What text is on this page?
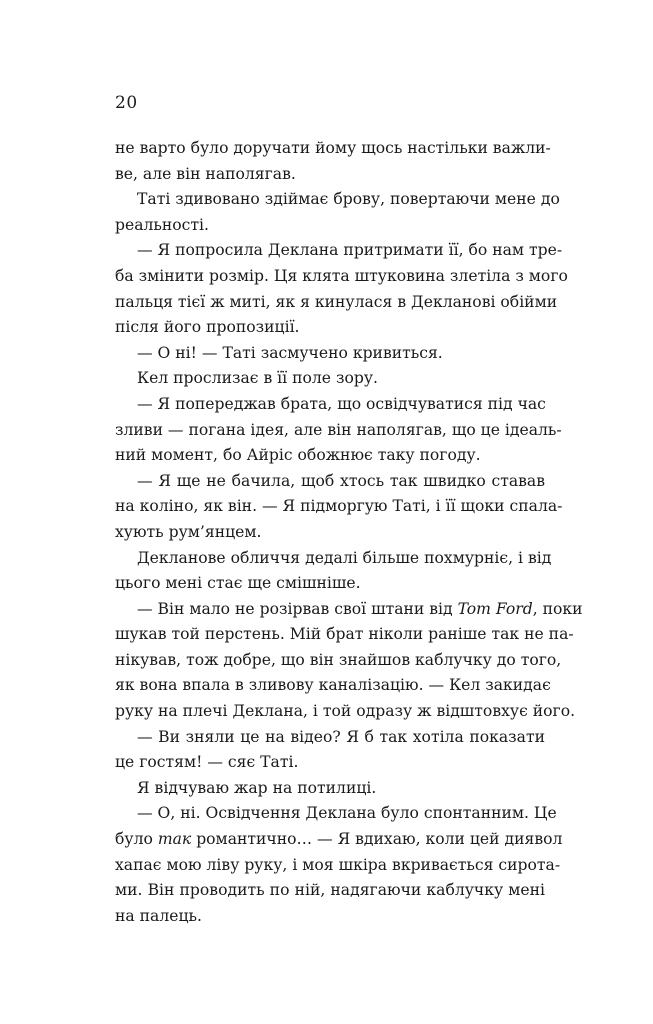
20
не варто було доручати йому щось настільки важли-
ве, але він наполягав.
Таті здивовано здіймає брову, повертаючи мене до
реальності.
— Я попросила Деклана притримати її, бо нам тре-
ба змінити розмір. Ця клята штуковина злетіла з мого
пальця тієї ж миті, як я кинулася в Декланові обійми
після його пропозиції.
— О ні! — Таті засмучено кривиться.
Кел прослизає в її поле зору.
— Я попереджав брата, що освідчуватися під час
зливи — погана ідея, але він наполягав, що це ідеаль-
ний момент, бо Айріс обожнює таку погоду.
— Я ще не бачила, щоб хтось так швидко ставав
на коліно, як він. — Я підморгую Таті, і її щоки спала-
хують рум’янцем.
Декланове обличчя дедалі більше похмурніє, і від
цього мені стає ще смішніше.
— Він мало не розірвав свої штани від Tom Ford, поки
шукав той перстень. Мій брат ніколи раніше так не па-
нікував, тож добре, що він знайшов каблучку до того,
як вона впала в зливову каналізацію. — Кел закидає
руку на плечі Деклана, і той одразу ж відштовхує його.
— Ви зняли це на відео? Я б так хотіла показати
це гостям! — сяє Таті.
Я відчуваю жар на потилиці.
— О, ні. Освідчення Деклана було спонтанним. Це
було так романтично… — Я вдихаю, коли цей диявол
хапає мою ліву руку, і моя шкіра вкривається сирота-
ми. Він проводить по ній, надягаючи каблучку мені
на палець.
